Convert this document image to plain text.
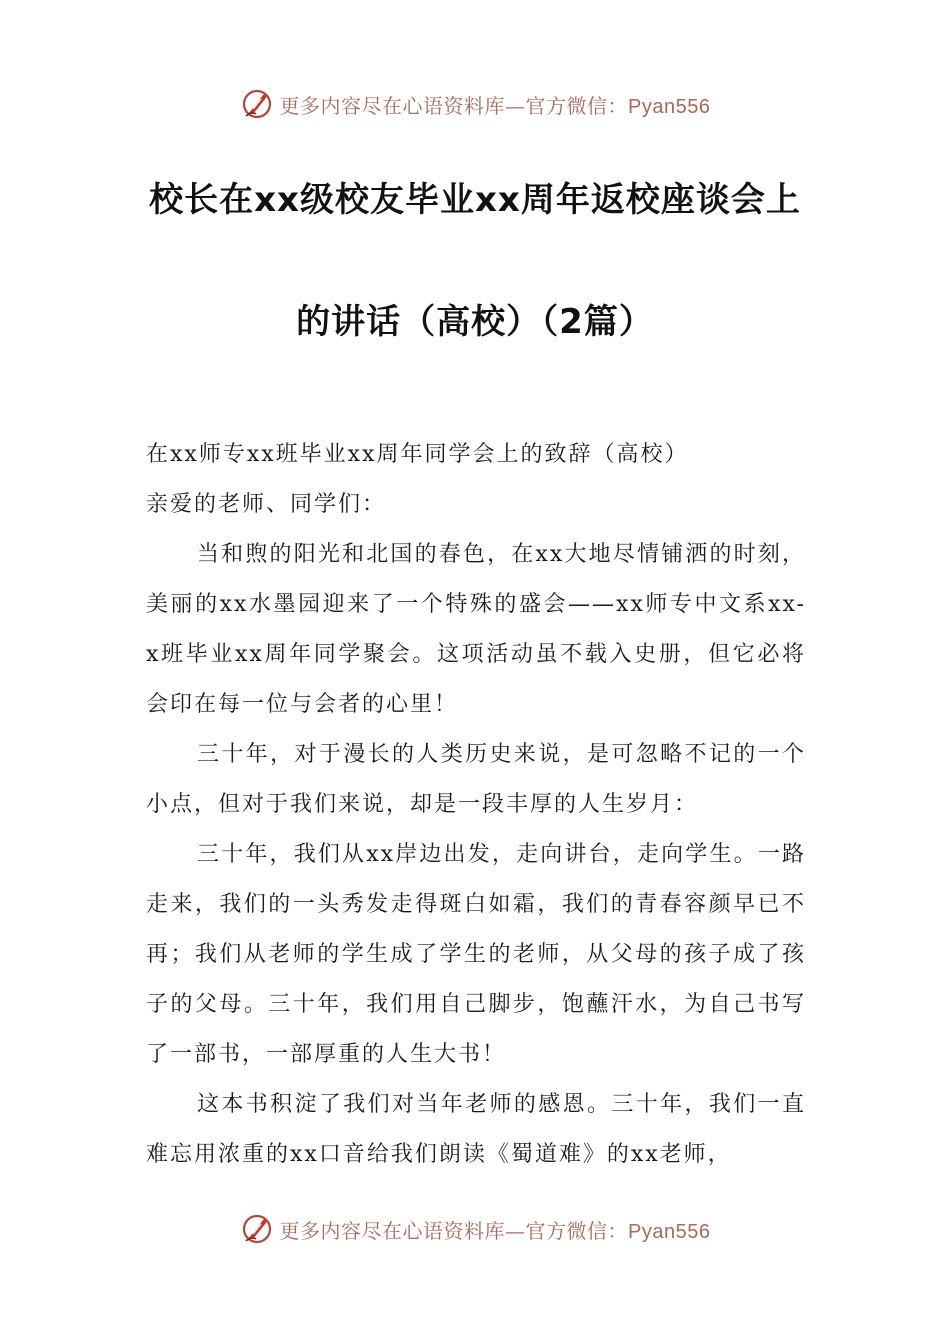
更多内容尽在心语资料库—官方微信：Pyan556
校长在xx级校友毕业xx周年返校座谈会上
的讲话（高校）（2篇）

在xx师专xx班毕业xx周年同学会上的致辞（高校）

亲爱的老师、同学们：

当和煦的阳光和北国的春色，在xx大地尽情铺洒的时刻，美丽的xx水墨园迎来了一个特殊的盛会——xx师专中文系xx-x班毕业xx周年同学聚会。这项活动虽不载入史册，但它必将会印在每一位与会者的心里！

三十年，对于漫长的人类历史来说，是可忽略不记的一个小点，但对于我们来说，却是一段丰厚的人生岁月：

三十年，我们从xx岸边出发，走向讲台，走向学生。一路走来，我们的一头秀发走得斑白如霜，我们的青春容颜早已不再；我们从老师的学生成了学生的老师，从父母的孩子成了孩子的父母。三十年，我们用自己脚步，饱蘸汗水，为自己书写了一部书，一部厚重的人生大书！

这本书积淀了我们对当年老师的感恩。三十年，我们一直难忘用浓重的xx口音给我们朗读《蜀道难》的xx老师，

更多内容尽在心语资料库—官方微信：Pyan556
